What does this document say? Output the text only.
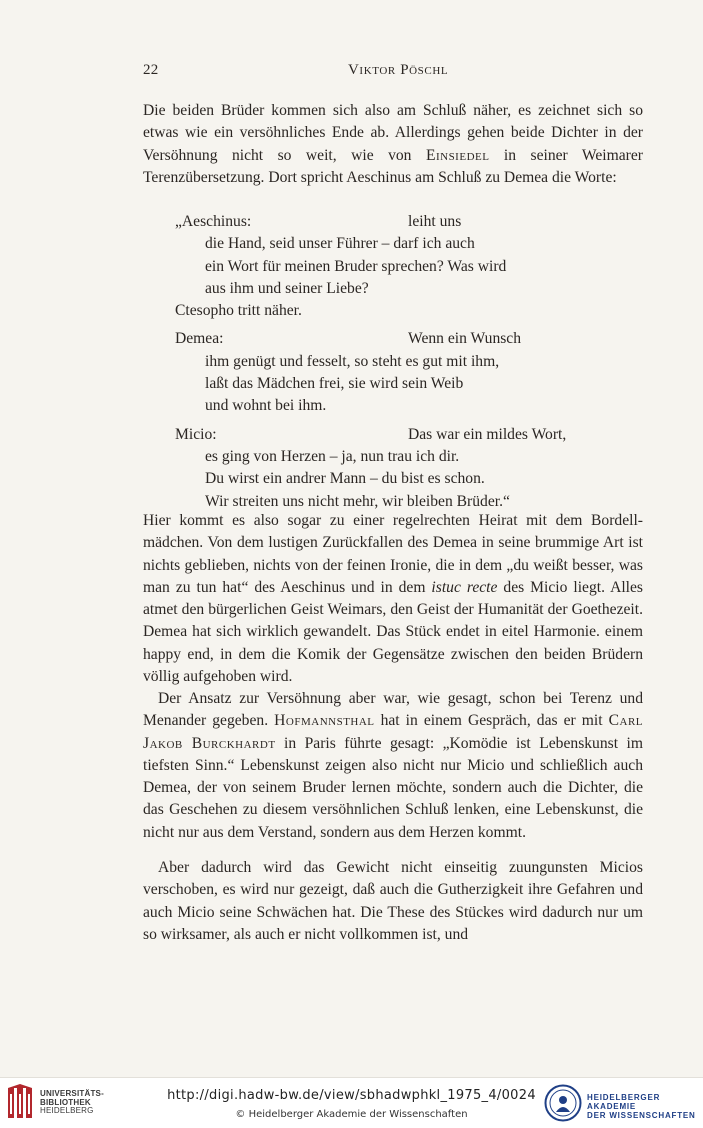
22	Viktor Pöschl

Die beiden Brüder kommen sich also am Schluß näher, es zeichnet sich so etwas wie ein versöhnliches Ende ab. Allerdings gehen beide Dichter in der Versöhnung nicht so weit, wie von Einsiedel in seiner Weimarer Terenzübersetzung. Dort spricht Aeschinus am Schluß zu Demea die Worte:

„Aeschinus:	leiht uns
die Hand, seid unser Führer – darf ich auch
ein Wort für meinen Bruder sprechen? Was wird
aus ihm und seiner Liebe?
Ctesopho tritt näher.
Demea:	Wenn ein Wunsch
ihm genügt und fesselt, so steht es gut mit ihm,
laßt das Mädchen frei, sie wird sein Weib
und wohnt bei ihm.
Micio:	Das war ein mildes Wort,
es ging von Herzen – ja, nun trau ich dir.
Du wirst ein andrer Mann – du bist es schon.
Wir streiten uns nicht mehr, wir bleiben Brüder.“

Hier kommt es also sogar zu einer regelrechten Heirat mit dem Bordellmädchen. Von dem lustigen Zurückfallen des Demea in seine brummige Art ist nichts geblieben, nichts von der feinen Ironie, die in dem „du weißt besser, was man zu tun hat“ des Aeschinus und in dem istuc recte des Micio liegt. Alles atmet den bürgerlichen Geist Weimars, den Geist der Humanität der Goethezeit. Demea hat sich wirklich gewandelt. Das Stück endet in eitel Harmonie. einem happy end, in dem die Komik der Gegensätze zwischen den beiden Brüdern völlig aufgehoben wird.

Der Ansatz zur Versöhnung aber war, wie gesagt, schon bei Terenz und Menander gegeben. Hofmannsthal hat in einem Gespräch, das er mit Carl Jakob Burckhardt in Paris führte gesagt: „Komödie ist Lebenskunst im tiefsten Sinn.“ Lebenskunst zeigen also nicht nur Micio und schließlich auch Demea, der von seinem Bruder lernen möchte, sondern auch die Dichter, die das Geschehen zu diesem versöhnlichen Schluß lenken, eine Lebenskunst, die nicht nur aus dem Verstand, sondern aus dem Herzen kommt.

Aber dadurch wird das Gewicht nicht einseitig zuungunsten Micios verschoben, es wird nur gezeigt, daß auch die Gutherzigkeit ihre Gefahren und auch Micio seine Schwächen hat. Die These des Stückes wird dadurch nur um so wirksamer, als auch er nicht vollkommen ist, und

UNIVERSITÄTS-
BIBLIOTHEK
HEIDELBERG
http://digi.hadw-bw.de/view/sbhadwphkl_1975_4/0024
© Heidelberger Akademie der Wissenschaften
HEIDELBERGER AKADEMIE
DER WISSENSCHAFTEN
